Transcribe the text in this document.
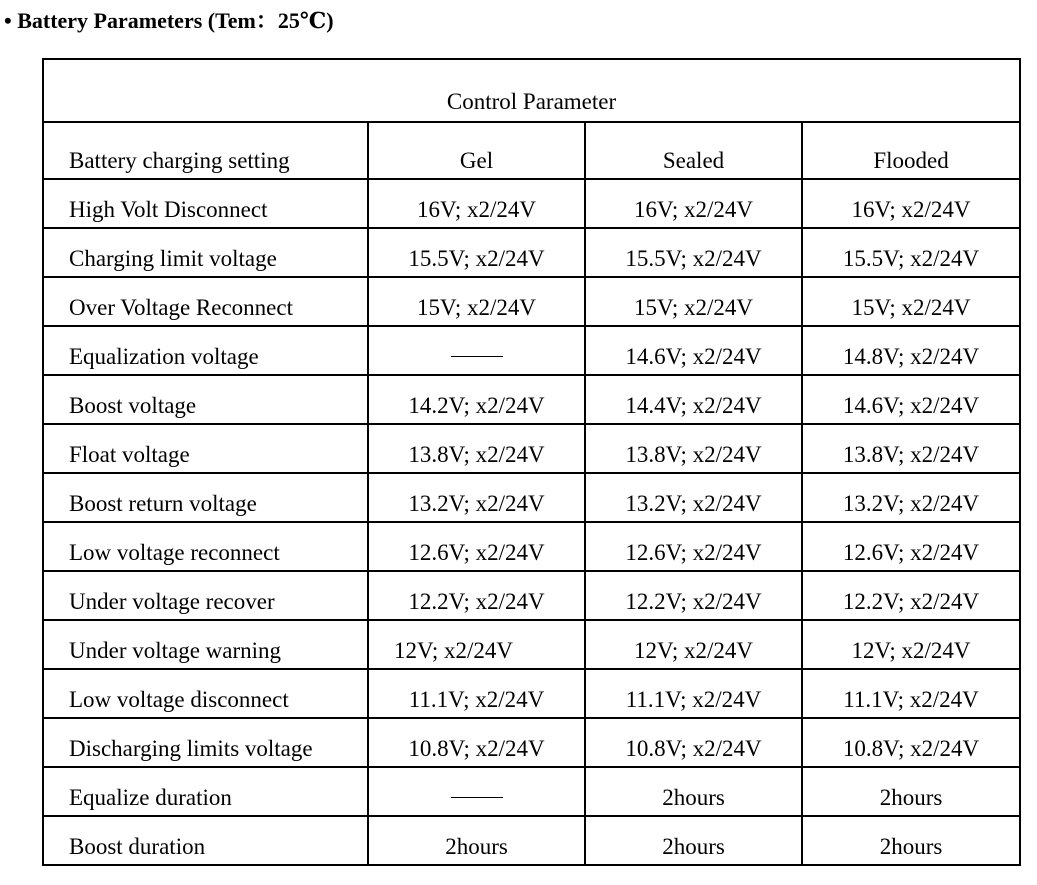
• Battery Parameters (Tem：25℃)
Control Parameter			
Battery charging setting	Gel	Sealed	Flooded
High Volt Disconnect	16V; x2/24V	16V; x2/24V	16V; x2/24V
Charging limit voltage	15.5V; x2/24V	15.5V; x2/24V	15.5V; x2/24V
Over Voltage Reconnect	15V; x2/24V	15V; x2/24V	15V; x2/24V
Equalization voltage		14.6V; x2/24V	14.8V; x2/24V
Boost voltage	14.2V; x2/24V	14.4V; x2/24V	14.6V; x2/24V
Float voltage	13.8V; x2/24V	13.8V; x2/24V	13.8V; x2/24V
Boost return voltage	13.2V; x2/24V	13.2V; x2/24V	13.2V; x2/24V
Low voltage reconnect	12.6V; x2/24V	12.6V; x2/24V	12.6V; x2/24V
Under voltage recover	12.2V; x2/24V	12.2V; x2/24V	12.2V; x2/24V
Under voltage warning	12V; x2/24V	12V; x2/24V	12V; x2/24V
Low voltage disconnect	11.1V; x2/24V	11.1V; x2/24V	11.1V; x2/24V
Discharging limits voltage	10.8V; x2/24V	10.8V; x2/24V	10.8V; x2/24V
Equalize duration		2hours	2hours
Boost duration	2hours	2hours	2hours
